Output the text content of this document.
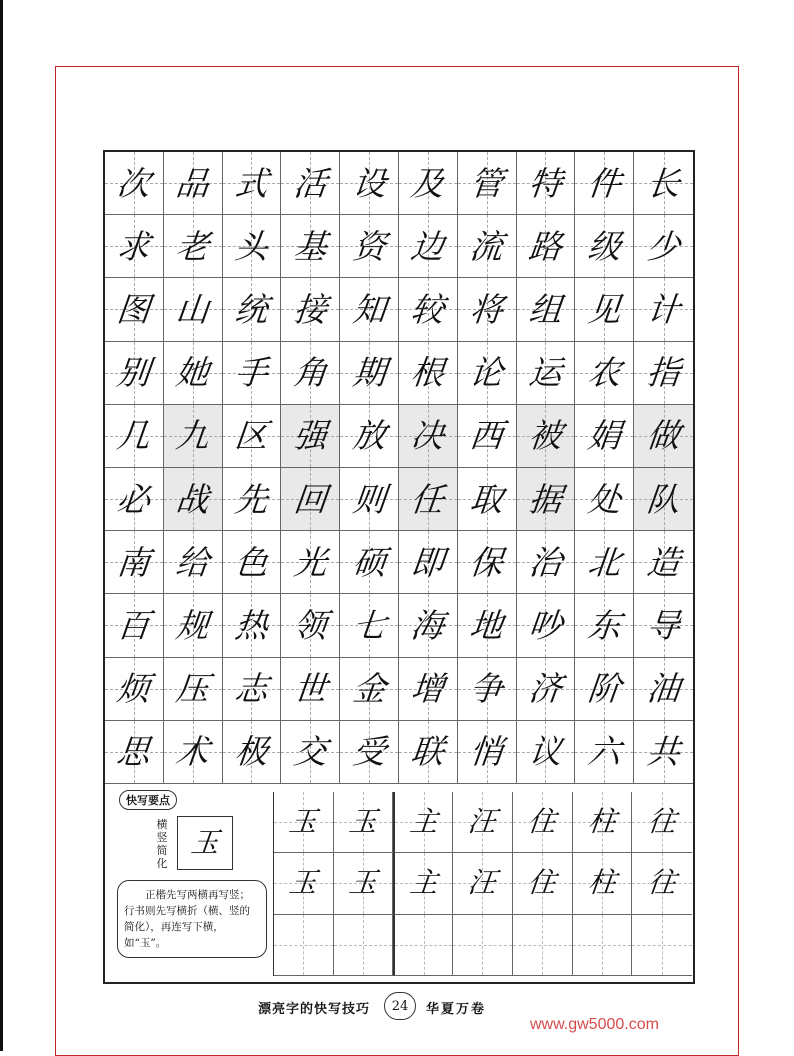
次 品 式 活 设 及 管 特 件 长
求 老 头 基 资 边 流 路 级 少
图 山 统 接 知 较 将 组 见 计
别 她 手 角 期 根 论 运 农 指
几 九 区 强 放 决 西 被 娟 做
必 战 先 回 则 任 取 据 处 队
南 给 色 光 硕 即 保 治 北 造
百 规 热 领 七 海 地 吵 东 导
烦 压 志 世 金 增 争 济 阶 油
思 术 极 交 受 联 悄 议 六 共
快写要点
横竖简化
玉
正楷先写两横再写竖；行书则先写横折（横、竖的简化），再连写下横，如“玉”。
玉 玉 主 汪 住 柱 往
玉 玉 主 汪 住 柱 往
漂亮字的快写技巧	24	华夏万卷
www.gw5000.com
